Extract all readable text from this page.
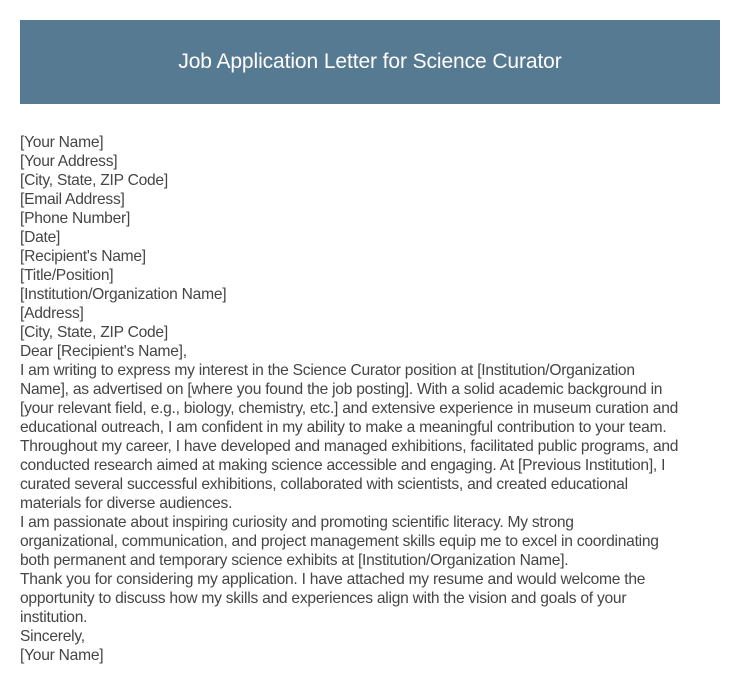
Job Application Letter for Science Curator
[Your Name]
[Your Address]
[City, State, ZIP Code]
[Email Address]
[Phone Number]
[Date]
[Recipient's Name]
[Title/Position]
[Institution/Organization Name]
[Address]
[City, State, ZIP Code]
Dear [Recipient's Name],
I am writing to express my interest in the Science Curator position at [Institution/Organization
Name], as advertised on [where you found the job posting]. With a solid academic background in
[your relevant field, e.g., biology, chemistry, etc.] and extensive experience in museum curation and
educational outreach, I am confident in my ability to make a meaningful contribution to your team.
Throughout my career, I have developed and managed exhibitions, facilitated public programs, and
conducted research aimed at making science accessible and engaging. At [Previous Institution], I
curated several successful exhibitions, collaborated with scientists, and created educational
materials for diverse audiences.
I am passionate about inspiring curiosity and promoting scientific literacy. My strong
organizational, communication, and project management skills equip me to excel in coordinating
both permanent and temporary science exhibits at [Institution/Organization Name].
Thank you for considering my application. I have attached my resume and would welcome the
opportunity to discuss how my skills and experiences align with the vision and goals of your
institution.
Sincerely,
[Your Name]
